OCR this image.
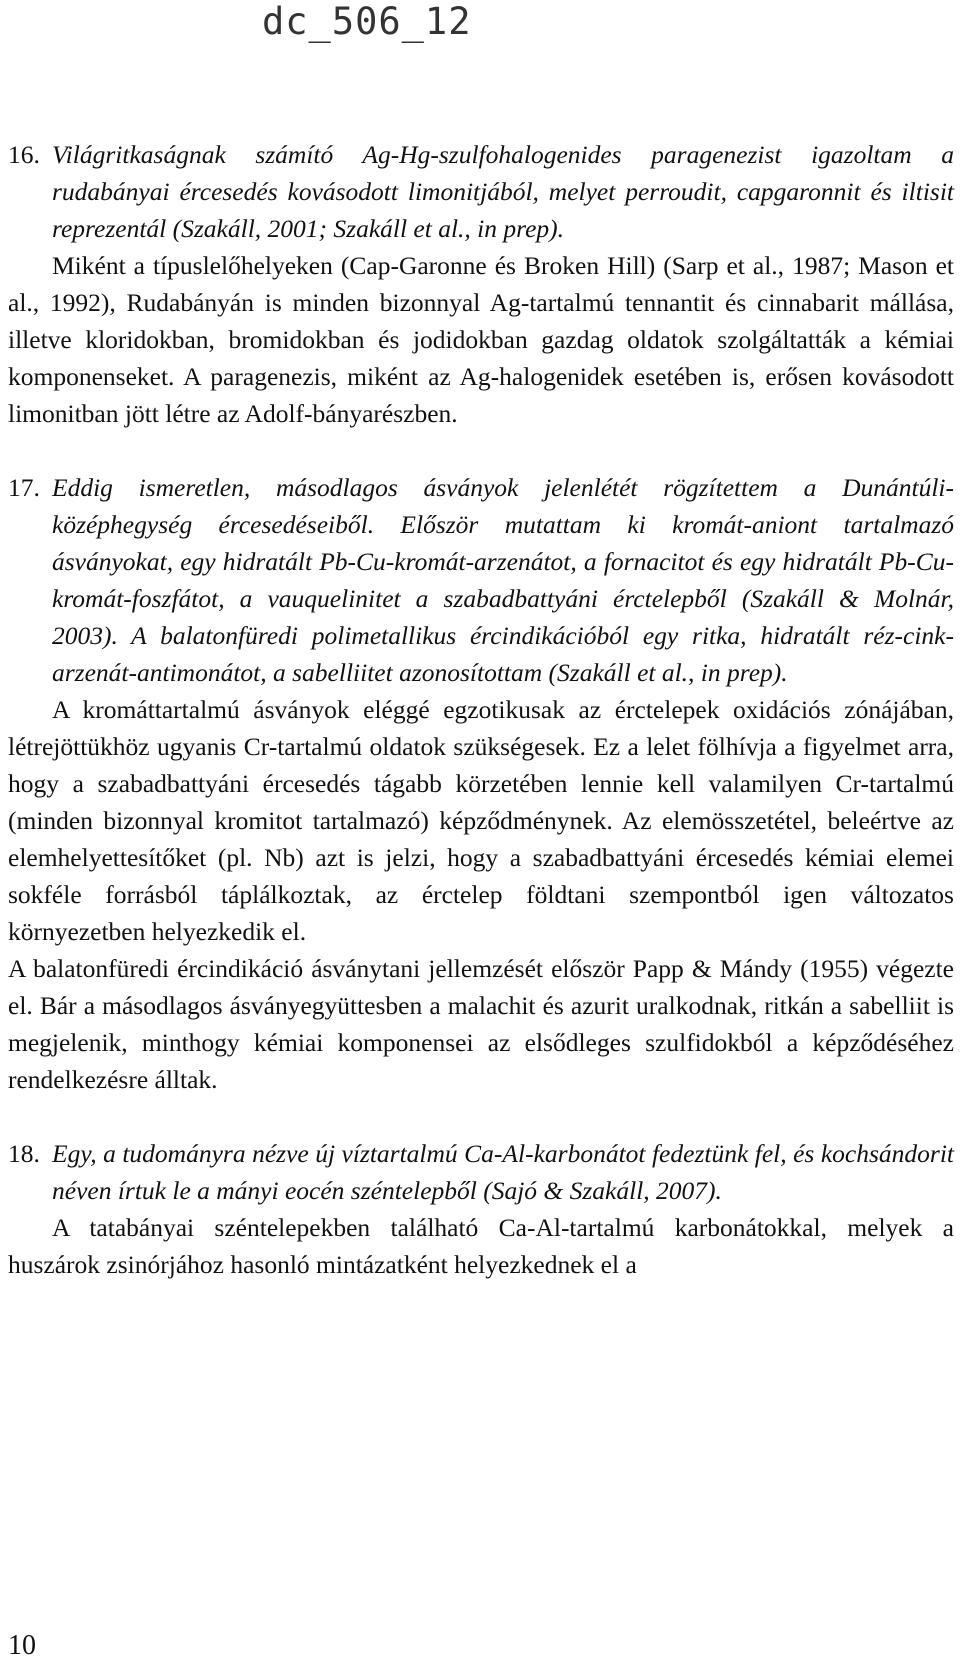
dc_506_12
16. Világritkaságnak számító Ag-Hg-szulfohalogenides paragenezist igazoltam a rudabányai ércesedés kovásodott limonitjából, melyet perroudit, capgaronnit és iltisit reprezentál (Szakáll, 2001; Szakáll et al., in prep).

Miként a típuslelőhelyeken (Cap-Garonne és Broken Hill) (Sarp et al., 1987; Mason et al., 1992), Rudabányán is minden bizonnyal Ag-tartalmú tennantit és cinnabarit mállása, illetve kloridokban, bromidokban és jodidokban gazdag oldatok szolgáltatták a kémiai komponenseket. A paragenezis, miként az Ag-halogenidek esetében is, erősen kovásodott limonitban jött létre az Adolf-bányarészben.

17. Eddig ismeretlen, másodlagos ásványok jelenlétét rögzítettem a Dunántúli-középhegység ércesedéseiből. Először mutattam ki kromát-aniont tartalmazó ásványokat, egy hidratált Pb-Cu-kromát-arzenátot, a fornacitot és egy hidratált Pb-Cu-kromát-foszfátot, a vauquelinitet a szabadbattyáni érctelepből (Szakáll & Molnár, 2003). A balatonfüredi polimetallikus ércindikációból egy ritka, hidratált réz-cink-arzenát-antimonátot, a sabelliitet azonosítottam (Szakáll et al., in prep).

A kromáttartalmú ásványok eléggé egzotikusak az érctelepek oxidációs zónájában, létrejöttükhöz ugyanis Cr-tartalmú oldatok szükségesek. Ez a lelet fölhívja a figyelmet arra, hogy a szabadbattyáni ércesedés tágabb körzetében lennie kell valamilyen Cr-tartalmú (minden bizonnyal kromitot tartalmazó) képződménynek. Az elemösszetétel, beleértve az elemhelyettesítőket (pl. Nb) azt is jelzi, hogy a szabadbattyáni ércesedés kémiai elemei sokféle forrásból táplálkoztak, az érctelep földtani szempontból igen változatos környezetben helyezkedik el.

A balatonfüredi ércindikáció ásványtani jellemzését először Papp & Mándy (1955) végezte el. Bár a másodlagos ásványegyüttesben a malachit és azurit uralkodnak, ritkán a sabelliit is megjelenik, minthogy kémiai komponensei az elsődleges szulfidokból a képződéséhez rendelkezésre álltak.

18. Egy, a tudományra nézve új víztartalmú Ca-Al-karbonátot fedeztünk fel, és kochsándorit néven írtuk le a mányi eocén széntelepből (Sajó & Szakáll, 2007).

A tatabányai széntelepekben található Ca-Al-tartalmú karbonátokkal, melyek a huszárok zsinórjához hasonló mintázatként helyezkednek el a

10
